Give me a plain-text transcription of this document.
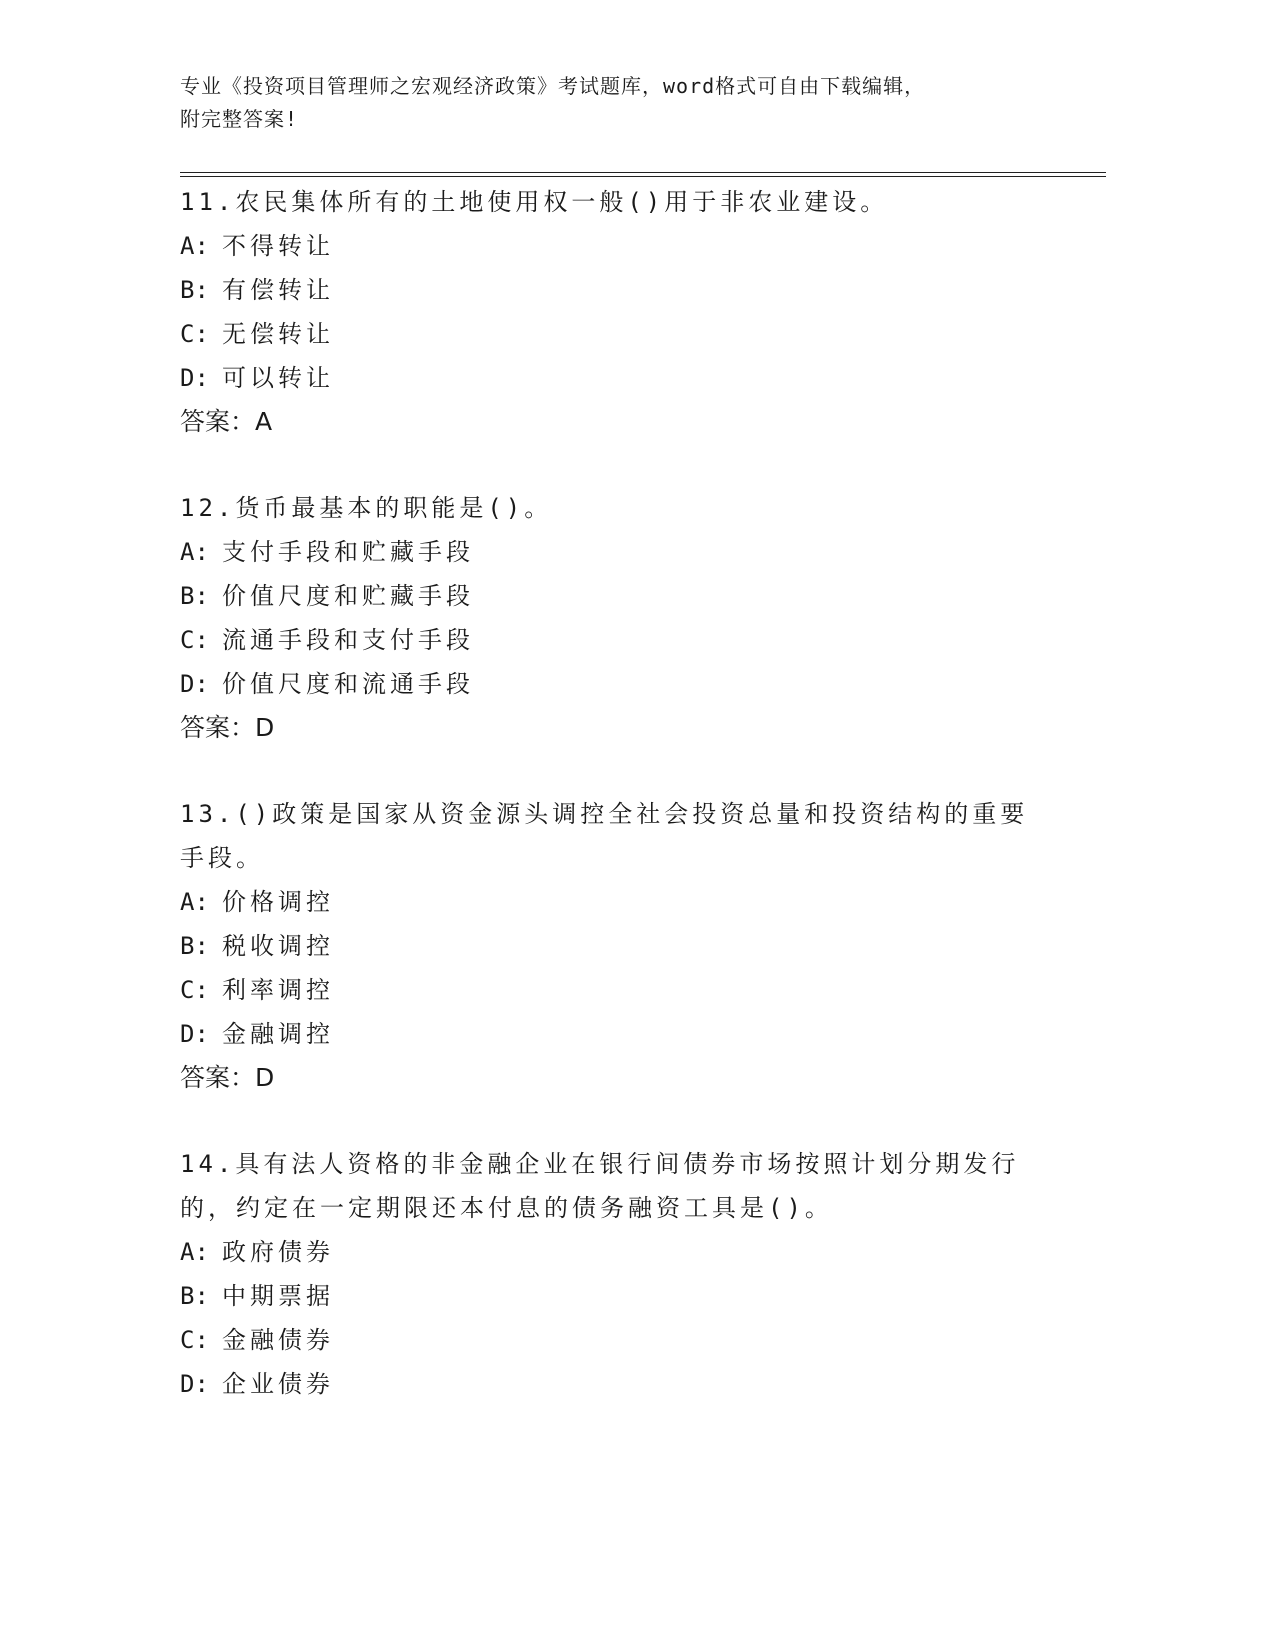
专业《投资项目管理师之宏观经济政策》考试题库，word格式可自由下载编辑，
附完整答案!

11.农民集体所有的土地使用权一般()用于非农业建设。

A: 不得转让
B: 有偿转让
C: 无偿转让
D: 可以转让
答案：A

12.货币最基本的职能是()。

A: 支付手段和贮藏手段
B: 价值尺度和贮藏手段
C: 流通手段和支付手段
D: 价值尺度和流通手段
答案：D

13.()政策是国家从资金源头调控全社会投资总量和投资结构的重要手段。

A: 价格调控
B: 税收调控
C: 利率调控
D: 金融调控
答案：D

14.具有法人资格的非金融企业在银行间债券市场按照计划分期发行的，约定在一定期限还本付息的债务融资工具是()。

A: 政府债券
B: 中期票据
C: 金融债券
D: 企业债券
